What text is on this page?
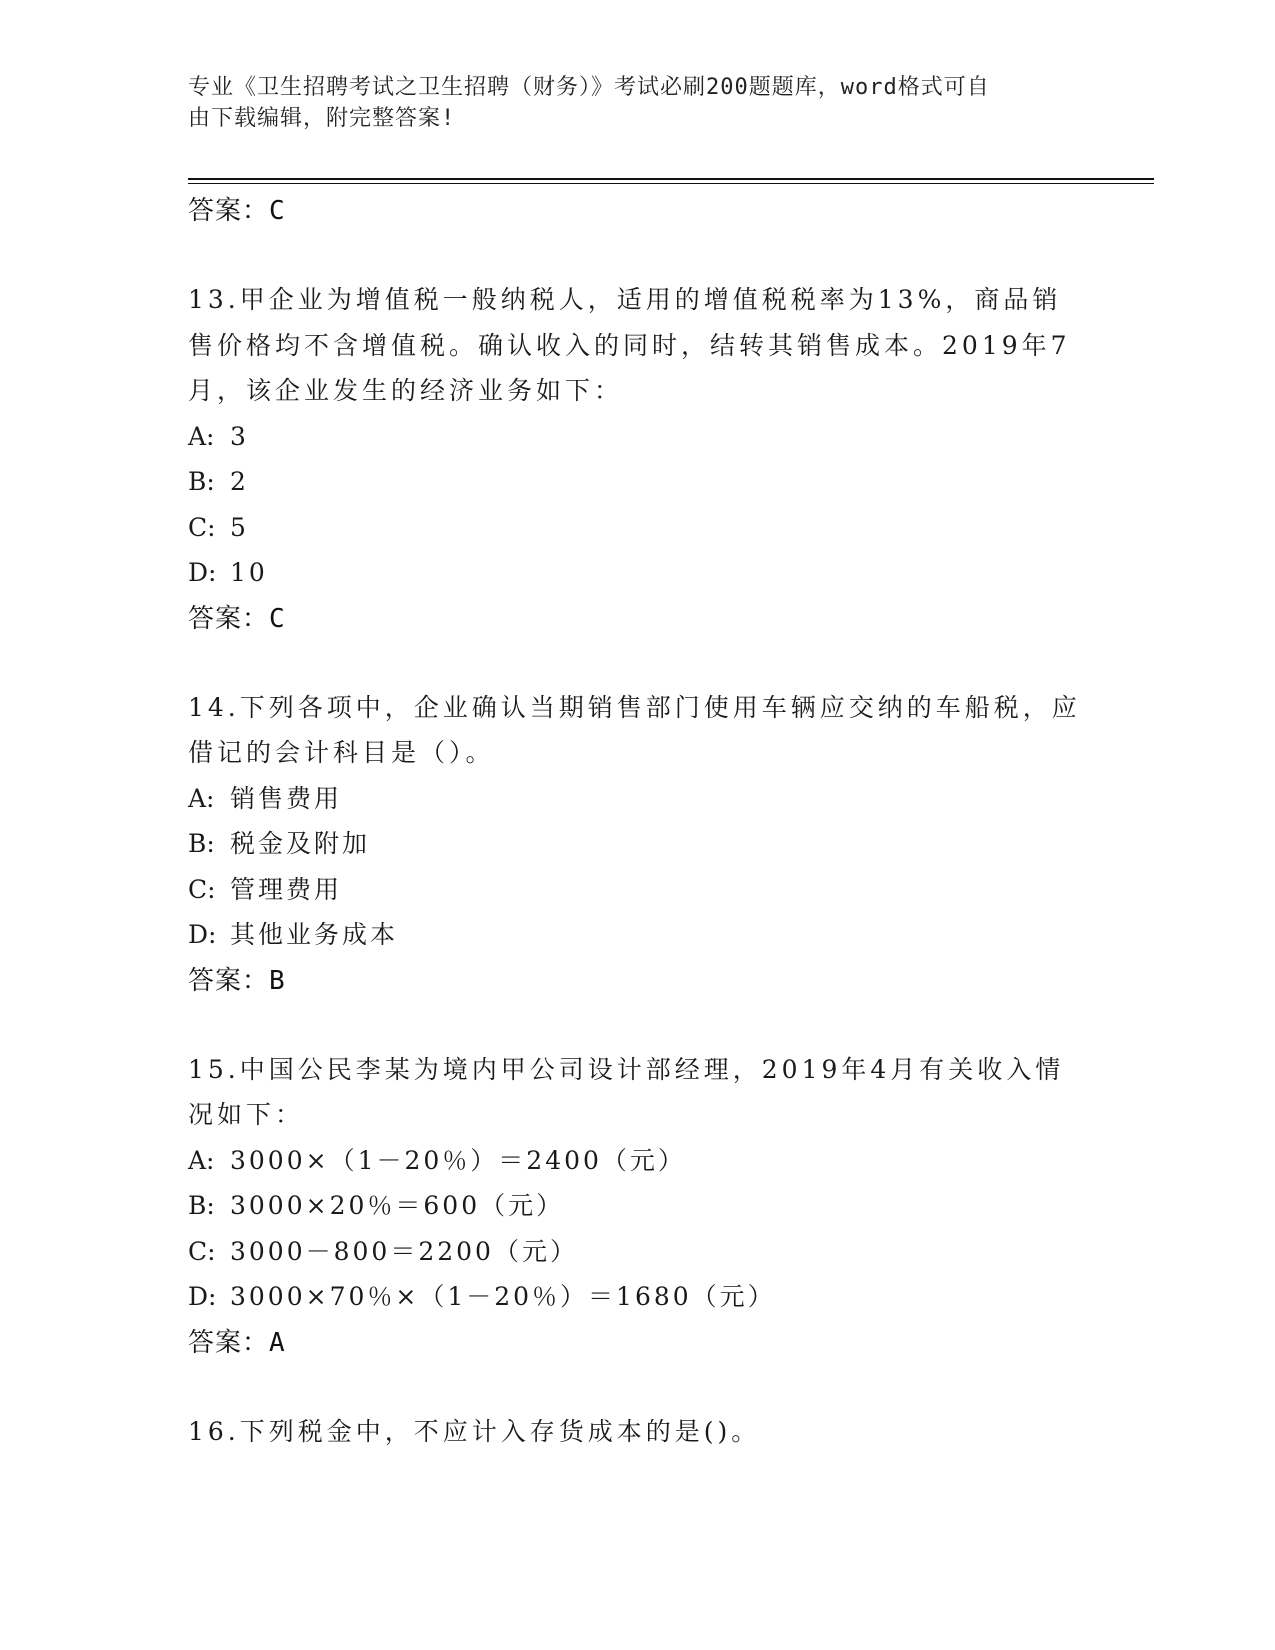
专业《卫生招聘考试之卫生招聘（财务）》考试必刷200题题库，word格式可自
由下载编辑，附完整答案!
答案：C

13.甲企业为增值税一般纳税人，适用的增值税税率为13%，商品销售价格均不含增值税。确认收入的同时，结转其销售成本。2019年7月，该企业发生的经济业务如下：

A: 3
B: 2
C: 5
D: 10
答案：C

14.下列各项中，企业确认当期销售部门使用车辆应交纳的车船税，应借记的会计科目是（）。

A: 销售费用
B: 税金及附加
C: 管理费用
D: 其他业务成本
答案：B

15.中国公民李某为境内甲公司设计部经理，2019年4月有关收入情况如下：

A: 3000×（1－20％）＝2400（元）
B: 3000×20％＝600（元）
C: 3000－800＝2200（元）
D: 3000×70％×（1－20％）＝1680（元）
答案：A

16.下列税金中，不应计入存货成本的是()。
